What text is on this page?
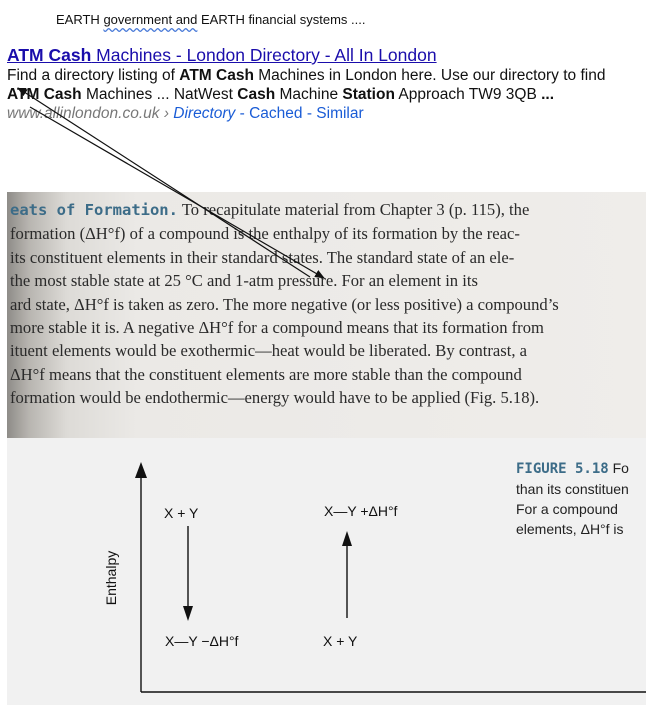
EARTH government and EARTH financial systems ....
ATM Cash Machines - London Directory - All In London
Find a directory listing of ATM Cash Machines in London here. Use our directory to find
ATM Cash Machines ... NatWest Cash Machine Station Approach TW9 3QB ...
www.allinlondon.co.uk › Directory - Cached - Similar
eats of Formation. To recapitulate material from Chapter 3 (p. 115), the
formation (ΔH°f) of a compound is the enthalpy of its formation by the reac-
its constituent elements in their standard states. The standard state of an ele-
the most stable state at 25 °C and 1-atm pressure. For an element in its
ard state, ΔH°f is taken as zero. The more negative (or less positive) a compound’s
more stable it is. A negative ΔH°f for a compound means that its formation from
ituent elements would be exothermic—heat would be liberated. By contrast, a
ΔH°f means that the constituent elements are more stable than the compound
formation would be endothermic—energy would have to be applied (Fig. 5.18).
FIGURE 5.18 Fo
than its constituen
For a compound
elements, ΔH°f is
Enthalpy
X + Y
X—Y −ΔH°f
X—Y +ΔH°f
X + Y
